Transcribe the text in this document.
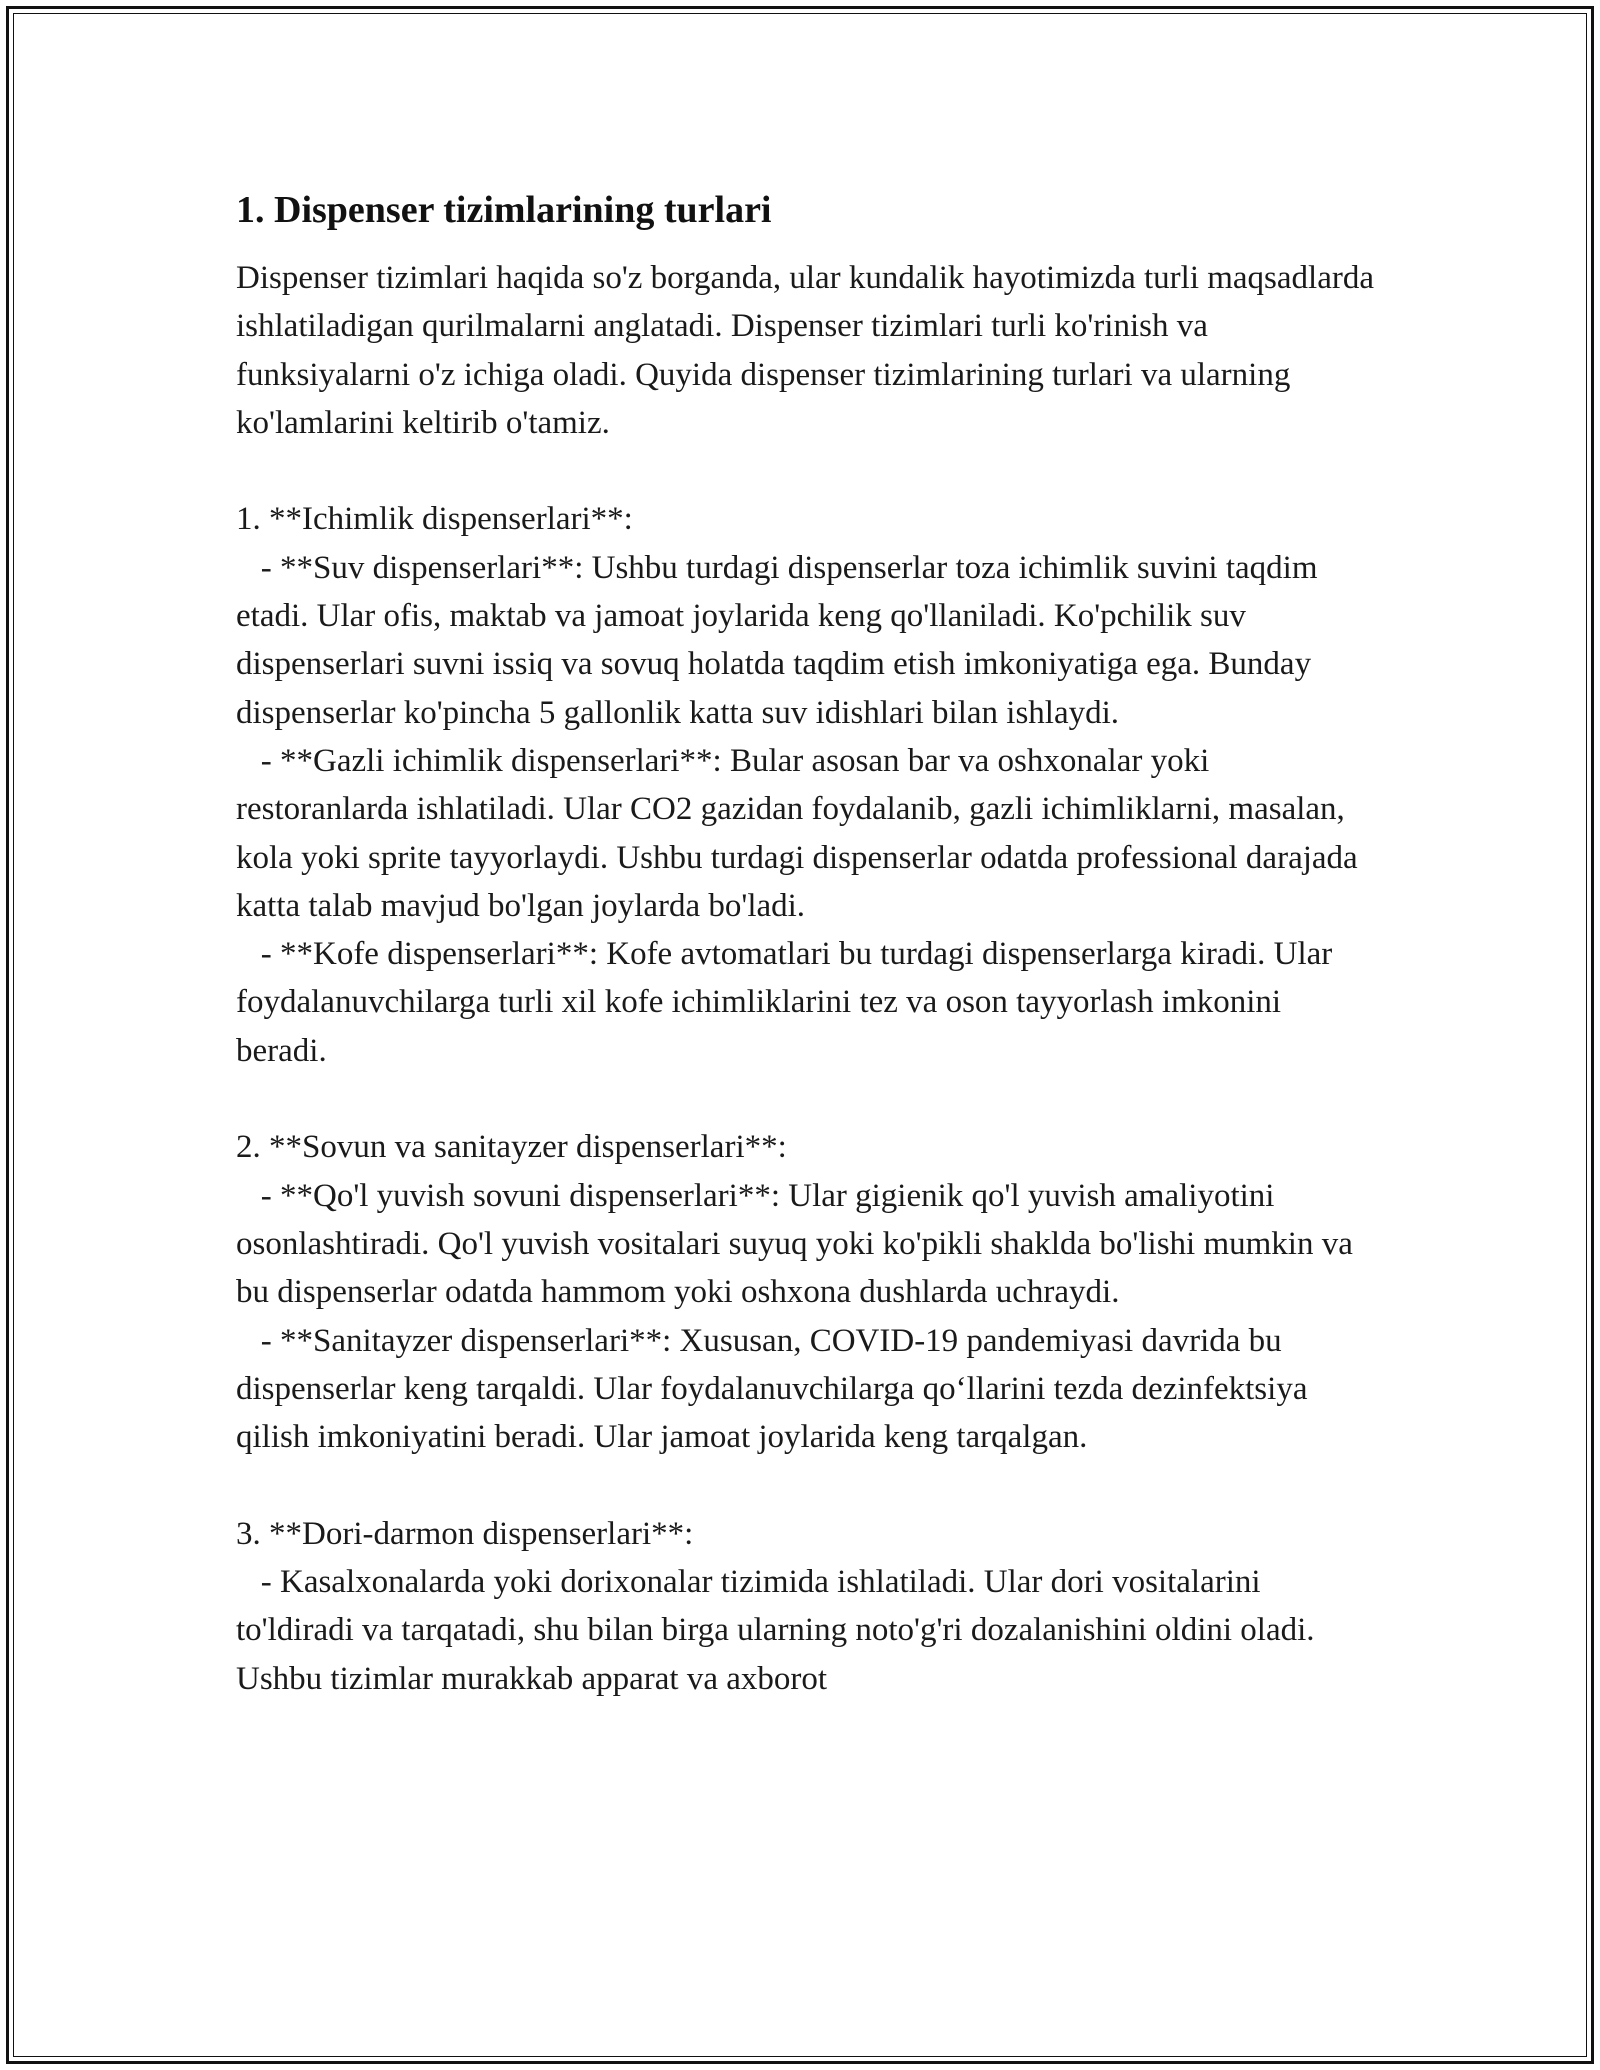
1. Dispenser tizimlarining turlari

Dispenser tizimlari haqida so'z borganda, ular kundalik hayotimizda turli maqsadlarda ishlatiladigan qurilmalarni anglatadi. Dispenser tizimlari turli ko'rinish va funksiyalarni o'z ichiga oladi. Quyida dispenser tizimlarining turlari va ularning ko'lamlarini keltirib o'tamiz.

1. **Ichimlik dispenserlari**:

- **Suv dispenserlari**: Ushbu turdagi dispenserlar toza ichimlik suvini taqdim etadi. Ular ofis, maktab va jamoat joylarida keng qo'llaniladi. Ko'pchilik suv dispenserlari suvni issiq va sovuq holatda taqdim etish imkoniyatiga ega. Bunday dispenserlar ko'pincha 5 gallonlik katta suv idishlari bilan ishlaydi.

- **Gazli ichimlik dispenserlari**: Bular asosan bar va oshxonalar yoki restoranlarda ishlatiladi. Ular CO2 gazidan foydalanib, gazli ichimliklarni, masalan, kola yoki sprite tayyorlaydi. Ushbu turdagi dispenserlar odatda professional darajada katta talab mavjud bo'lgan joylarda bo'ladi.

- **Kofe dispenserlari**: Kofe avtomatlari bu turdagi dispenserlarga kiradi. Ular foydalanuvchilarga turli xil kofe ichimliklarini tez va oson tayyorlash imkonini beradi.

2. **Sovun va sanitayzer dispenserlari**:

- **Qo'l yuvish sovuni dispenserlari**: Ular gigienik qo'l yuvish amaliyotini osonlashtiradi. Qo'l yuvish vositalari suyuq yoki ko'pikli shaklda bo'lishi mumkin va bu dispenserlar odatda hammom yoki oshxona dushlarda uchraydi.

- **Sanitayzer dispenserlari**: Xususan, COVID-19 pandemiyasi davrida bu dispenserlar keng tarqaldi. Ular foydalanuvchilarga qo‘llarini tezda dezinfektsiya qilish imkoniyatini beradi. Ular jamoat joylarida keng tarqalgan.

3. **Dori-darmon dispenserlari**:

- Kasalxonalarda yoki dorixonalar tizimida ishlatiladi. Ular dori vositalarini to'ldiradi va tarqatadi, shu bilan birga ularning noto'g'ri dozalanishini oldini oladi. Ushbu tizimlar murakkab apparat va axborot
